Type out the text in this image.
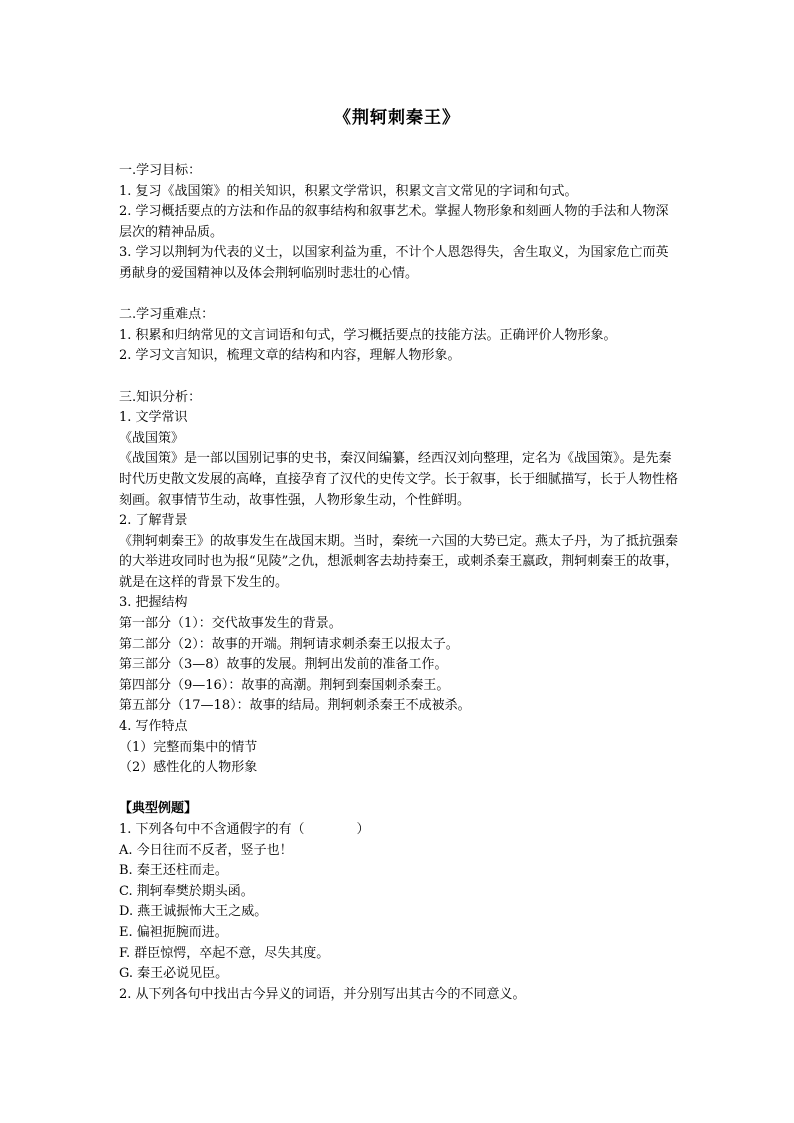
《荆轲刺秦王》
一.学习目标：
1. 复习《战国策》的相关知识，积累文学常识，积累文言文常见的字词和句式。
2. 学习概括要点的方法和作品的叙事结构和叙事艺术。掌握人物形象和刻画人物的手法和人物深层次的精神品质。
3. 学习以荆轲为代表的义士，以国家利益为重，不计个人恩怨得失，舍生取义，为国家危亡而英勇献身的爱国精神以及体会荆轲临别时悲壮的心情。
二.学习重难点：
1. 积累和归纳常见的文言词语和句式，学习概括要点的技能方法。正确评价人物形象。
2. 学习文言知识，梳理文章的结构和内容，理解人物形象。
三.知识分析：
1. 文学常识
《战国策》
《战国策》是一部以国别记事的史书，秦汉间编纂，经西汉刘向整理，定名为《战国策》。是先秦时代历史散文发展的高峰，直接孕育了汉代的史传文学。长于叙事，长于细腻描写，长于人物性格刻画。叙事情节生动，故事性强，人物形象生动，个性鲜明。
2. 了解背景
《荆轲刺秦王》的故事发生在战国末期。当时，秦统一六国的大势已定。燕太子丹，为了抵抗强秦的大举进攻同时也为报“见陵”之仇，想派刺客去劫持秦王，或刺杀秦王嬴政，荆轲刺秦王的故事，就是在这样的背景下发生的。
3. 把握结构
第一部分（1）：交代故事发生的背景。
第二部分（2）：故事的开端。荆轲请求刺杀秦王以报太子。
第三部分（3—8）故事的发展。荆轲出发前的准备工作。
第四部分（9—16）：故事的高潮。荆轲到秦国刺杀秦王。
第五部分（17—18）：故事的结局。荆轲刺杀秦王不成被杀。
4. 写作特点
（1）完整而集中的情节
（2）感性化的人物形象
【典型例题】
1. 下列各句中不含通假字的有（　　　　）
A. 今日往而不反者，竖子也！
B. 秦王还柱而走。
C. 荆轲奉樊於期头函。
D. 燕王诚振怖大王之威。
E. 偏袒扼腕而进。
F. 群臣惊愕，卒起不意，尽失其度。
G. 秦王必说见臣。
2. 从下列各句中找出古今异义的词语，并分别写出其古今的不同意义。
